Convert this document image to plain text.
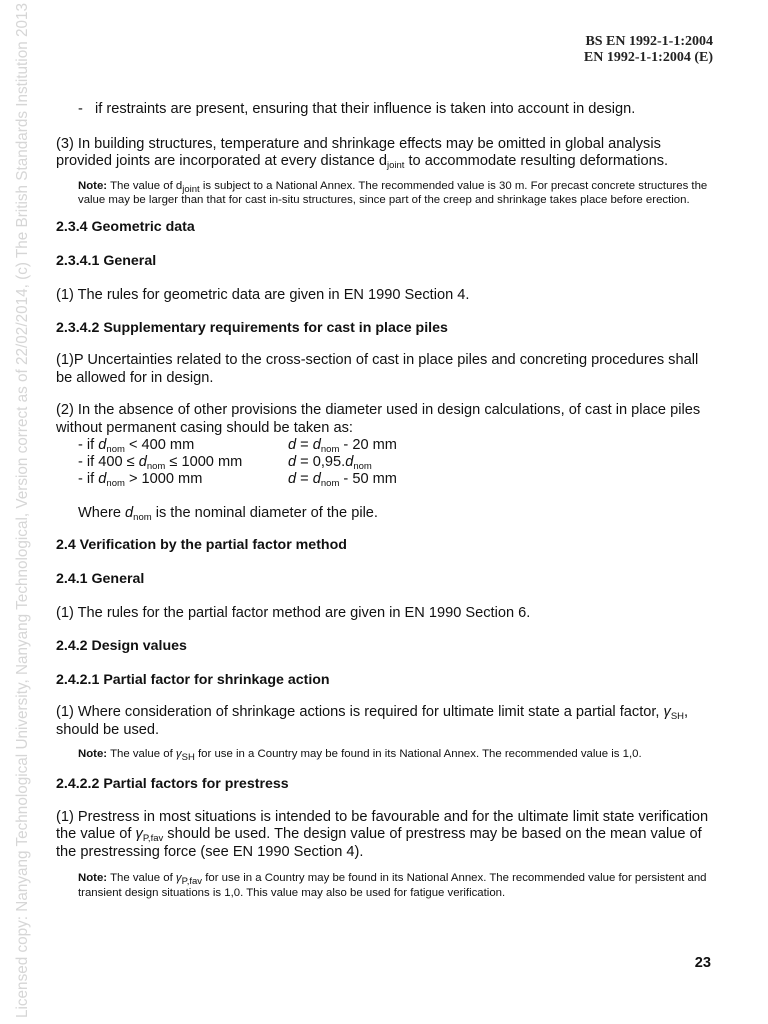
Licensed copy: Nanyang Technological University, Nanyang Technological, Version correct as of 22/02/2014, (c) The British Standards Institution 2013	BS EN 1992-1-1:2004
EN 1992-1-1:2004 (E)

- if restraints are present, ensuring that their influence is taken into account in design.

(3) In building structures, temperature and shrinkage effects may be omitted in global analysis provided joints are incorporated at every distance $d_{joint}$ to accommodate resulting deformations.

Note: The value of $d_{joint}$ is subject to a National Annex. The recommended value is 30 m. For precast concrete structures the value may be larger than that for cast in-situ structures, since part of the creep and shrinkage takes place before erection.

2.3.4 Geometric data

2.3.4.1 General

(1) The rules for geometric data are given in EN 1990 Section 4.

2.3.4.2 Supplementary requirements for cast in place piles

(1)P Uncertainties related to the cross-section of cast in place piles and concreting procedures shall be allowed for in design.

(2) In the absence of other provisions the diameter used in design calculations, of cast in place piles without permanent casing should be taken as:

- if $d_{nom} < 400$ mm	$d = d_{nom} - 20$ mm
- if $400 \le d_{nom} \le 1000$ mm	$d = 0,95.d_{nom}$
- if $d_{nom} > 1000$ mm	$d = d_{nom} - 50$ mm

Where $d_{nom}$ is the nominal diameter of the pile.

2.4 Verification by the partial factor method

2.4.1 General

(1) The rules for the partial factor method are given in EN 1990 Section 6.

2.4.2 Design values

2.4.2.1 Partial factor for shrinkage action

(1) Where consideration of shrinkage actions is required for ultimate limit state a partial factor, $\gamma_{SH}$, should be used.

Note: The value of $\gamma_{SH}$ for use in a Country may be found in its National Annex. The recommended value is 1,0.

2.4.2.2 Partial factors for prestress

(1) Prestress in most situations is intended to be favourable and for the ultimate limit state verification the value of $\gamma_{P,fav}$ should be used. The design value of prestress may be based on the mean value of the prestressing force (see EN 1990 Section 4).

Note: The value of $\gamma_{P,fav}$ for use in a Country may be found in its National Annex. The recommended value for persistent and transient design situations is 1,0. This value may also be used for fatigue verification.

23
